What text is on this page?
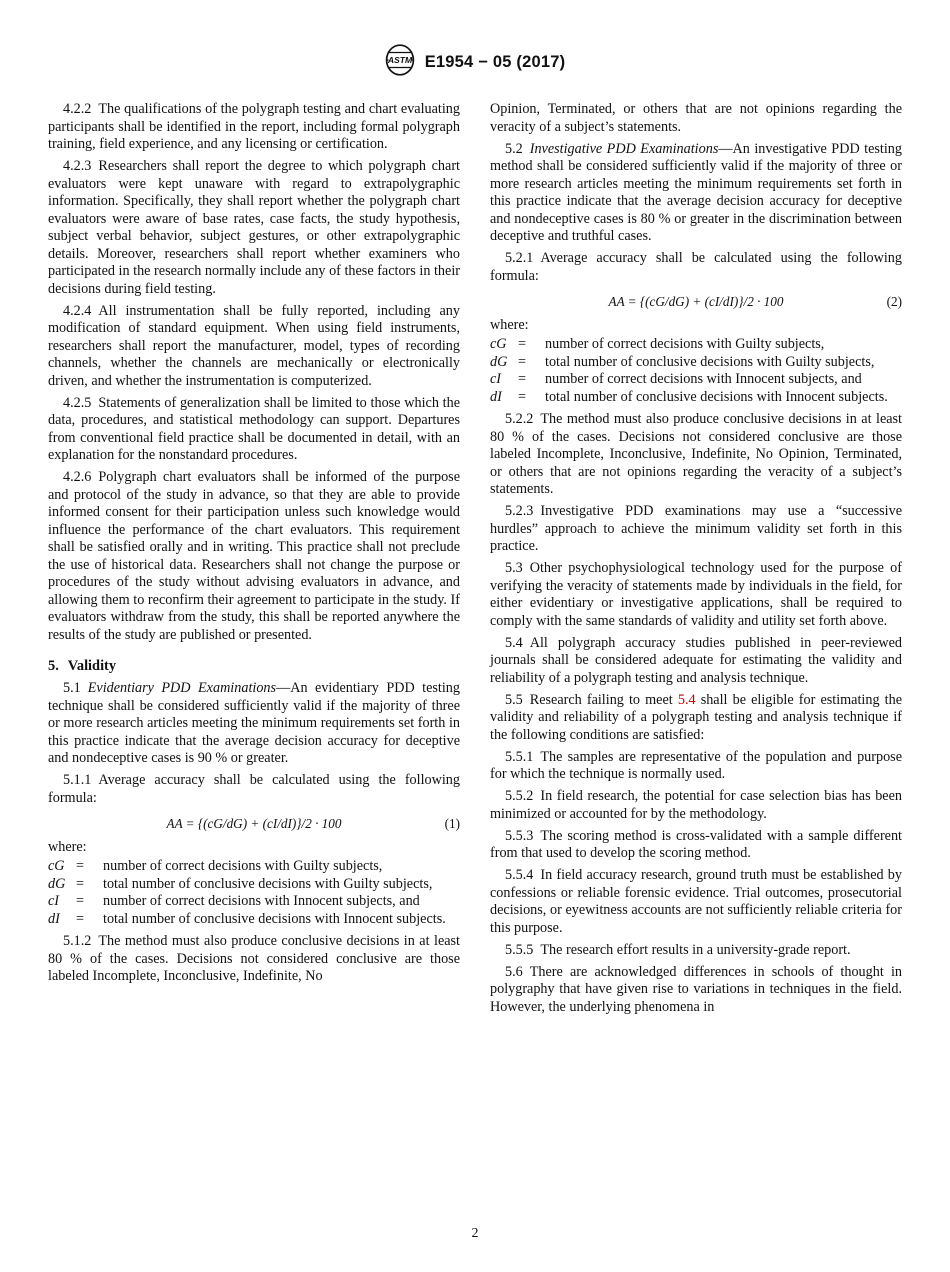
ASTM E1954 − 05 (2017)

4.2.2 The qualifications of the polygraph testing and chart evaluating participants shall be identified in the report, including formal polygraph training, field experience, and any licensing or certification.

4.2.3 Researchers shall report the degree to which polygraph chart evaluators were kept unaware with regard to extrapolygraphic information. Specifically, they shall report whether the polygraph chart evaluators were aware of base rates, case facts, the study hypothesis, subject verbal behavior, subject gestures, or other extrapolygraphic details. Moreover, researchers shall report whether examiners who participated in the research normally include any of these factors in their decisions during field testing.

4.2.4 All instrumentation shall be fully reported, including any modification of standard equipment. When using field instruments, researchers shall report the manufacturer, model, types of recording channels, whether the channels are mechanically or electronically driven, and whether the instrumentation is computerized.

4.2.5 Statements of generalization shall be limited to those which the data, procedures, and statistical methodology can support. Departures from conventional field practice shall be documented in detail, with an explanation for the nonstandard procedures.

4.2.6 Polygraph chart evaluators shall be informed of the purpose and protocol of the study in advance, so that they are able to provide informed consent for their participation unless such knowledge would influence the performance of the chart evaluators. This requirement shall be satisfied orally and in writing. This practice shall not preclude the use of historical data. Researchers shall not change the purpose or procedures of the study without advising evaluators in advance, and allowing them to reconfirm their agreement to participate in the study. If evaluators withdraw from the study, this shall be reported anywhere the results of the study are published or presented.

5. Validity

5.1 Evidentiary PDD Examinations—An evidentiary PDD testing technique shall be considered sufficiently valid if the majority of three or more research articles meeting the minimum requirements set forth in this practice indicate that the average decision accuracy for deceptive and nondeceptive cases is 90 % or greater.

5.1.1 Average accuracy shall be calculated using the following formula:

AA = {(cG/dG) + (cI/dI)}/2 · 100	(1)

where:

cG =	number of correct decisions with Guilty subjects,
dG =	total number of conclusive decisions with Guilty subjects,
cI	=	number of correct decisions with Innocent subjects, and
dI	=	total number of conclusive decisions with Innocent subjects.

5.1.2 The method must also produce conclusive decisions in at least 80 % of the cases. Decisions not considered conclusive are those labeled Incomplete, Inconclusive, Indefinite, No

Opinion, Terminated, or others that are not opinions regarding the veracity of a subject’s statements.

5.2 Investigative PDD Examinations—An investigative PDD testing method shall be considered sufficiently valid if the majority of three or more research articles meeting the minimum requirements set forth in this practice indicate that the average decision accuracy for deceptive and nondeceptive cases is 80 % or greater in the discrimination between deceptive and truthful cases.

5.2.1 Average accuracy shall be calculated using the following formula:

AA = {(cG/dG) + (cI/dI)}/2 · 100	(2)

where:

cG =	number of correct decisions with Guilty subjects,
dG =	total number of conclusive decisions with Guilty subjects,
cI	=	number of correct decisions with Innocent subjects, and
dI	=	total number of conclusive decisions with Innocent subjects.

5.2.2 The method must also produce conclusive decisions in at least 80 % of the cases. Decisions not considered conclusive are those labeled Incomplete, Inconclusive, Indefinite, No Opinion, Terminated, or others that are not opinions regarding the veracity of a subject’s statements.

5.2.3 Investigative PDD examinations may use a “successive hurdles” approach to achieve the minimum validity set forth in this practice.

5.3 Other psychophysiological technology used for the purpose of verifying the veracity of statements made by individuals in the field, for either evidentiary or investigative applications, shall be required to comply with the same standards of validity and utility set forth above.

5.4 All polygraph accuracy studies published in peer-reviewed journals shall be considered adequate for estimating the validity and reliability of a polygraph testing and analysis technique.

5.5 Research failing to meet 5.4 shall be eligible for estimating the validity and reliability of a polygraph testing and analysis technique if the following conditions are satisfied:

5.5.1 The samples are representative of the population and purpose for which the technique is normally used.

5.5.2 In field research, the potential for case selection bias has been minimized or accounted for by the methodology.

5.5.3 The scoring method is cross-validated with a sample different from that used to develop the scoring method.

5.5.4 In field accuracy research, ground truth must be established by confessions or reliable forensic evidence. Trial outcomes, prosecutorial decisions, or eyewitness accounts are not sufficiently reliable criteria for this purpose.

5.5.5 The research effort results in a university-grade report.

5.6 There are acknowledged differences in schools of thought in polygraphy that have given rise to variations in techniques in the field. However, the underlying phenomena in

2
